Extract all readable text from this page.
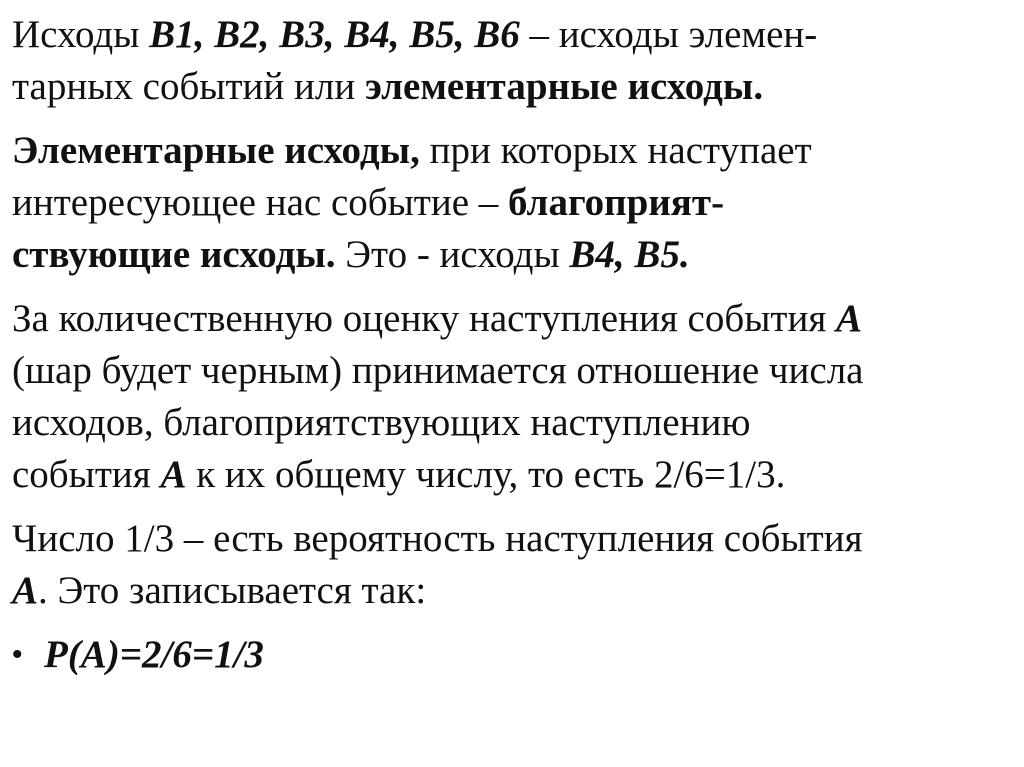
Исходы B1, B2, B3, B4, B5, B6 – исходы элемен-
тарных событий или элементарные исходы.

Элементарные исходы, при которых наступает
интересующее нас событие – благоприят-
ствующие исходы. Это - исходы B4, B5.

За количественную оценку наступления события A
(шар будет черным) принимается отношение числа
исходов, благоприятствующих наступлению
события A к их общему числу, то есть 2/6=1/3.

Число 1/3 – есть вероятность наступления события
A. Это записывается так:

• P(A)=2/6=1/3
